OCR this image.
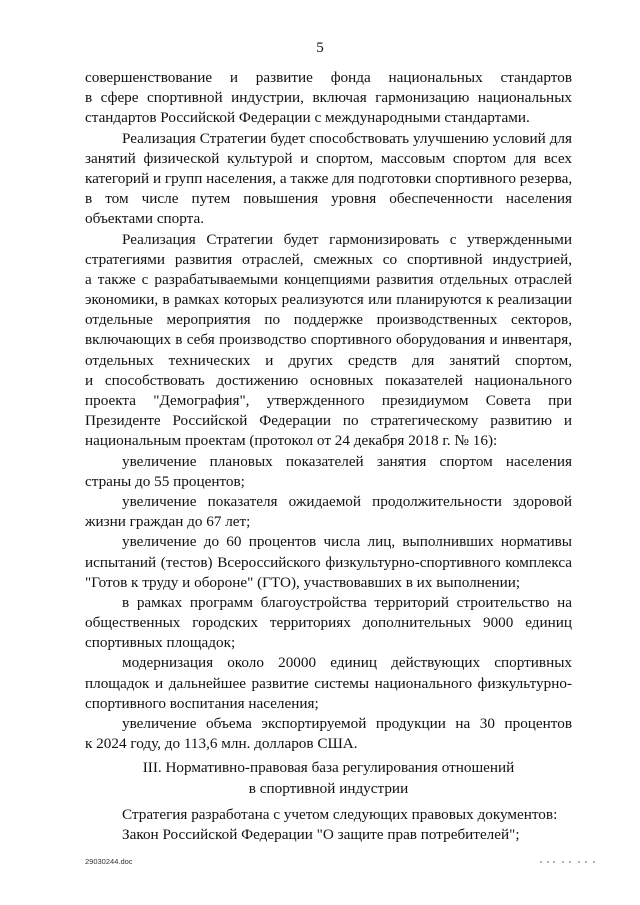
5
совершенствование и развитие фонда национальных стандартов
в сфере спортивной индустрии, включая гармонизацию национальных
стандартов Российской Федерации с международными стандартами.
Реализация Стратегии будет способствовать улучшению условий для
занятий физической культурой и спортом, массовым спортом для всех
категорий и групп населения, а также для подготовки спортивного резерва,
в том числе путем повышения уровня обеспеченности населения
объектами спорта.
Реализация Стратегии будет гармонизировать с утвержденными
стратегиями развития отраслей, смежных со спортивной индустрией,
а также с разрабатываемыми концепциями развития отдельных отраслей
экономики, в рамках которых реализуются или планируются к реализации
отдельные мероприятия по поддержке производственных секторов,
включающих в себя производство спортивного оборудования и инвентаря,
отдельных технических и других средств для занятий спортом,
и способствовать достижению основных показателей национального
проекта "Демография", утвержденного президиумом Совета при
Президенте Российской Федерации по стратегическому развитию и
национальным проектам (протокол от 24 декабря 2018 г. № 16):
увеличение плановых показателей занятия спортом населения
страны до 55 процентов;
увеличение показателя ожидаемой продолжительности здоровой
жизни граждан до 67 лет;
увеличение до 60 процентов числа лиц, выполнивших нормативы
испытаний (тестов) Всероссийского физкультурно-спортивного комплекса
"Готов к труду и обороне" (ГТО), участвовавших в их выполнении;
в рамках программ благоустройства территорий строительство на
общественных городских территориях дополнительных 9000 единиц
спортивных площадок;
модернизация около 20000 единиц действующих спортивных
площадок и дальнейшее развитие системы национального физкультурно-
спортивного воспитания населения;
увеличение объема экспортируемой продукции на 30 процентов
к 2024 году, до 113,6 млн. долларов США.
III. Нормативно-правовая база регулирования отношений
в спортивной индустрии
Стратегия разработана с учетом следующих правовых документов:
Закон Российской Федерации "О защите прав потребителей";
29030244.doc
